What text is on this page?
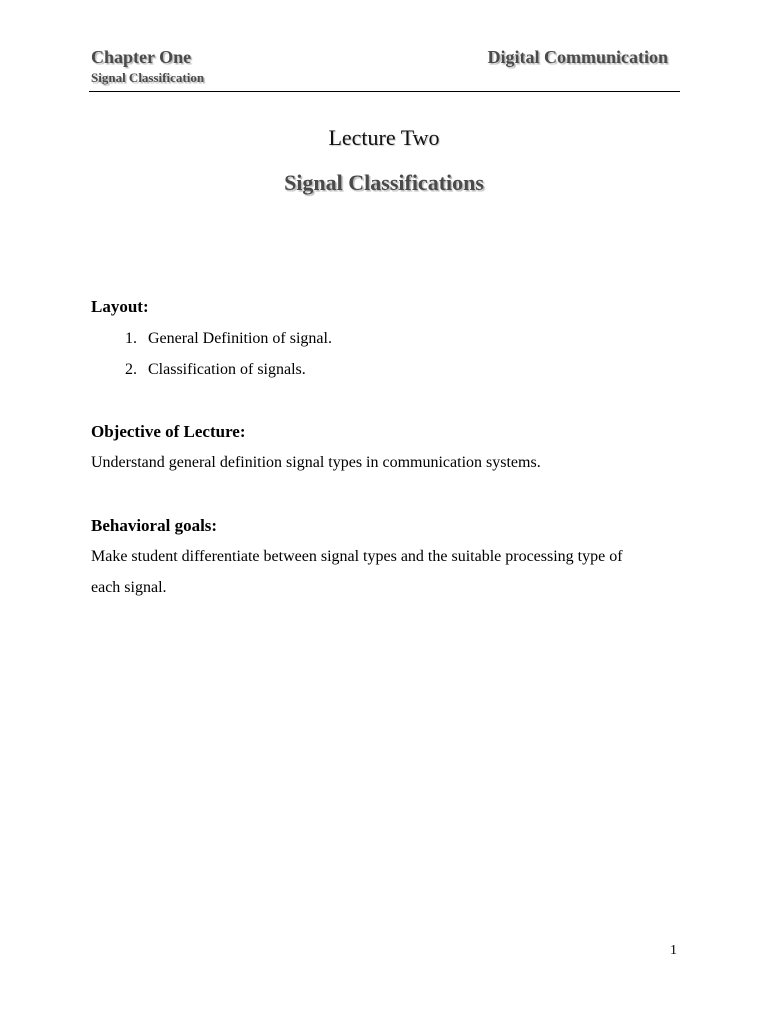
Chapter One	Digital Communication
Signal Classification
Lecture Two
Signal Classifications
Layout:
1. General Definition of signal.
2. Classification of signals.
Objective of Lecture:
Understand general definition signal types in communication systems.
Behavioral goals:
Make student differentiate between signal types and the suitable processing type of
each signal.
1
